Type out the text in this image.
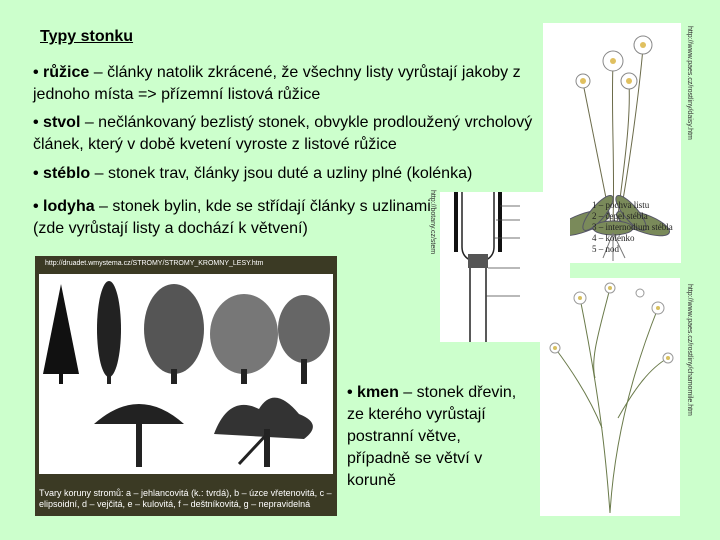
Typy stonku
• růžice – články natolik zkrácené, že všechny listy vyrůstají jakoby z jednoho místa => přízemní listová růžice
• stvol – nečlánkovaný bezlistý stonek, obvykle prodloužený vrcholový článek, který v době kvetení vyroste z listové růžice
• stéblo – stonek trav, články jsou duté a uzliny plné (kolénka)
• lodyha – stonek bylin, kde se střídají články s uzlinami (zde vyrůstají listy a dochází k větvení)
• kmen – stonek dřevin, ze kterého vyrůstají postranní větve, případně se větví v koruně
http://www.paes.cz/rostliny/daisy.htm
1 – pochva listu
2 – čepel stébla
3 – internodium stébla
4 – kolénko
5 – nod
http://botany.cz/stem
http://www.paes.cz/rostliny/chamomile.htm
http://druadet.wmystema.cz/STROMY/STROMY_KROMNY_LESY.htm
Tvary koruny stromů: a – jehlancovitá (k.: tvrdá), b – úzce vřetenovitá, c – elipsoidní, d – vejčitá, e – kulovitá, f – deštníkovitá, g – nepravidelná
